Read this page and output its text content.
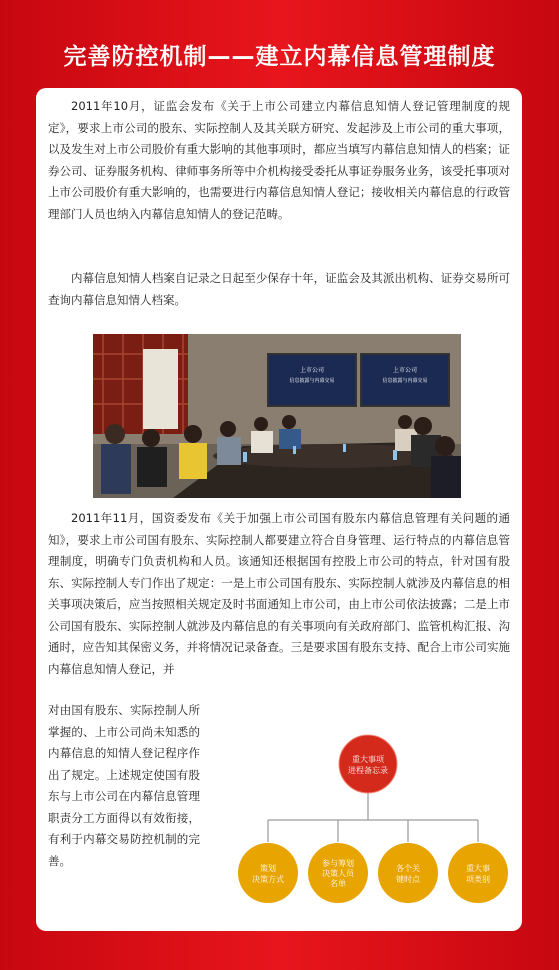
完善防控机制——建立内幕信息管理制度

2011年10月，证监会发布《关于上市公司建立内幕信息知情人登记管理制度的规定》，要求上市公司的股东、实际控制人及其关联方研究、发起涉及上市公司的重大事项，以及发生对上市公司股价有重大影响的其他事项时，都应当填写内幕信息知情人的档案；证券公司、证券服务机构、律师事务所等中介机构接受委托从事证券服务业务，该受托事项对上市公司股价有重大影响的，也需要进行内幕信息知情人登记；接收相关内幕信息的行政管理部门人员也纳入内幕信息知情人的登记范畴。

内幕信息知情人档案自记录之日起至少保存十年，证监会及其派出机构、证券交易所可查询内幕信息知情人档案。

上市公司
信息披露与内幕交易
上市公司
信息披露与内幕交易

2011年11月，国资委发布《关于加强上市公司国有股东内幕信息管理有关问题的通知》，要求上市公司国有股东、实际控制人都要建立符合自身管理、运行特点的内幕信息管理制度，明确专门负责机构和人员。该通知还根据国有控股上市公司的特点，针对国有股东、实际控制人专门作出了规定：一是上市公司国有股东、实际控制人就涉及内幕信息的相关事项决策后，应当按照相关规定及时书面通知上市公司，由上市公司依法披露；二是上市公司国有股东、实际控制人就涉及内幕信息的有关事项向有关政府部门、监管机构汇报、沟通时，应告知其保密义务，并将情况记录备查。三是要求国有股东支持、配合上市公司实施内幕信息知情人登记，并

对由国有股东、实际控制人所掌握的、上市公司尚未知悉的内幕信息的知情人登记程序作出了规定。上述规定使国有股东与上市公司在内幕信息管理职责分工方面得以有效衔接，有利于内幕交易防控机制的完善。

重大事项
进程备忘录
策划
决策方式
参与筹划
决策人员
名单
各个关
键时点
重大事
项类别
